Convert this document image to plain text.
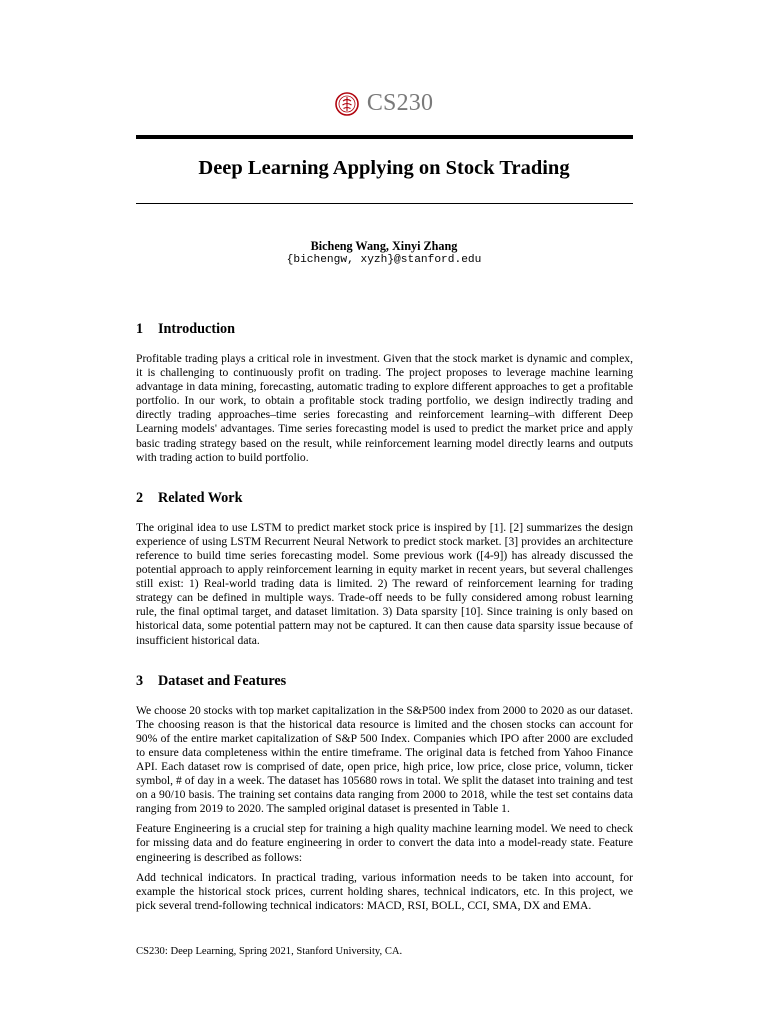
CS230
Deep Learning Applying on Stock Trading
Bicheng Wang, Xinyi Zhang
{bichengw, xyzh}@stanford.edu
1 Introduction

Profitable trading plays a critical role in investment. Given that the stock market is dynamic and complex, it is challenging to continuously profit on trading. The project proposes to leverage machine learning advantage in data mining, forecasting, automatic trading to explore different approaches to get a profitable portfolio. In our work, to obtain a profitable stock trading portfolio, we design indirectly trading and directly trading approaches–time series forecasting and reinforcement learning–with different Deep Learning models' advantages. Time series forecasting model is used to predict the market price and apply basic trading strategy based on the result, while reinforcement learning model directly learns and outputs with trading action to build portfolio.

2 Related Work

The original idea to use LSTM to predict market stock price is inspired by [1]. [2] summarizes the design experience of using LSTM Recurrent Neural Network to predict stock market. [3] provides an architecture reference to build time series forecasting model. Some previous work ([4-9]) has already discussed the potential approach to apply reinforcement learning in equity market in recent years, but several challenges still exist: 1) Real-world trading data is limited. 2) The reward of reinforcement learning for trading strategy can be defined in multiple ways. Trade-off needs to be fully considered among robust learning rule, the final optimal target, and dataset limitation. 3) Data sparsity [10]. Since training is only based on historical data, some potential pattern may not be captured. It can then cause data sparsity issue because of insufficient historical data.

3 Dataset and Features

We choose 20 stocks with top market capitalization in the S&P500 index from 2000 to 2020 as our dataset. The choosing reason is that the historical data resource is limited and the chosen stocks can account for 90% of the entire market capitalization of S&P 500 Index. Companies which IPO after 2000 are excluded to ensure data completeness within the entire timeframe. The original data is fetched from Yahoo Finance API. Each dataset row is comprised of date, open price, high price, low price, close price, volumn, ticker symbol, # of day in a week. The dataset has 105680 rows in total. We split the dataset into training and test on a 90/10 basis. The training set contains data ranging from 2000 to 2018, while the test set contains data ranging from 2019 to 2020. The sampled original dataset is presented in Table 1.

Feature Engineering is a crucial step for training a high quality machine learning model. We need to check for missing data and do feature engineering in order to convert the data into a model-ready state. Feature engineering is described as follows:

Add technical indicators. In practical trading, various information needs to be taken into account, for example the historical stock prices, current holding shares, technical indicators, etc. In this project, we pick several trend-following technical indicators: MACD, RSI, BOLL, CCI, SMA, DX and EMA.

CS230: Deep Learning, Spring 2021, Stanford University, CA.
